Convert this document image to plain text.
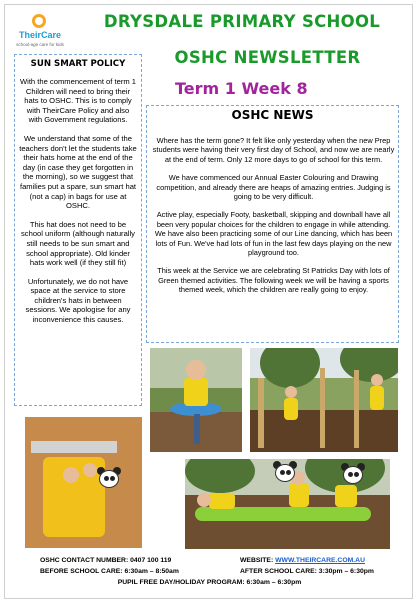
TheirCare
school-age care for kids
DRYSDALE PRIMARY SCHOOL
OSHC NEWSLETTER
Term 1 Week 8
SUN SMART POLICY

With the commencement of term 1 Children will need to bring their hats to OSHC. This is to comply with TheirCare Policy and also with Government regulations.

We understand that some of the teachers don't let the students take their hats home at the end of the day (in case they get forgotten in the morning), so we suggest that families put a spare, sun smart hat (not a cap) in bags for use at OSHC.

This hat does not need to be school uniform (although naturally still needs to be sun smart and school appropriate). Old kinder hats work well (if they still fit)

Unfortunately, we do not have space at the service to store children's hats in between sessions. We apologise for any inconvenience this causes.

OSHC NEWS

Where has the term gone? It felt like only yesterday when the new Prep students were having their very first day of School, and now we are nearly at the end of term. Only 12 more days to go of school for this term.

We have commenced our Annual Easter Colouring and Drawing competition, and already there are heaps of amazing entries. Judging is going to be very difficult.

Active play, especially Footy, basketball, skipping and downball have all been very popular choices for the children to engage in while attending. We have also been practicing some of our Line dancing, which has been lots of Fun. We've had lots of fun in the last few days playing on the new playground too.

This week at the Service we are celebrating St Patricks Day with lots of Green themed activities. The following week we will be having a sports themed week, which the children are really going to enjoy.

OSHC CONTACT NUMBER: 0407 100 119	WEBSITE: WWW.THEIRCARE.COM.AU
BEFORE SCHOOL CARE: 6:30am – 8:50am	AFTER SCHOOL CARE: 3:30pm – 6:30pm
PUPIL FREE DAY/HOLIDAY PROGRAM: 6:30am – 6:30pm
